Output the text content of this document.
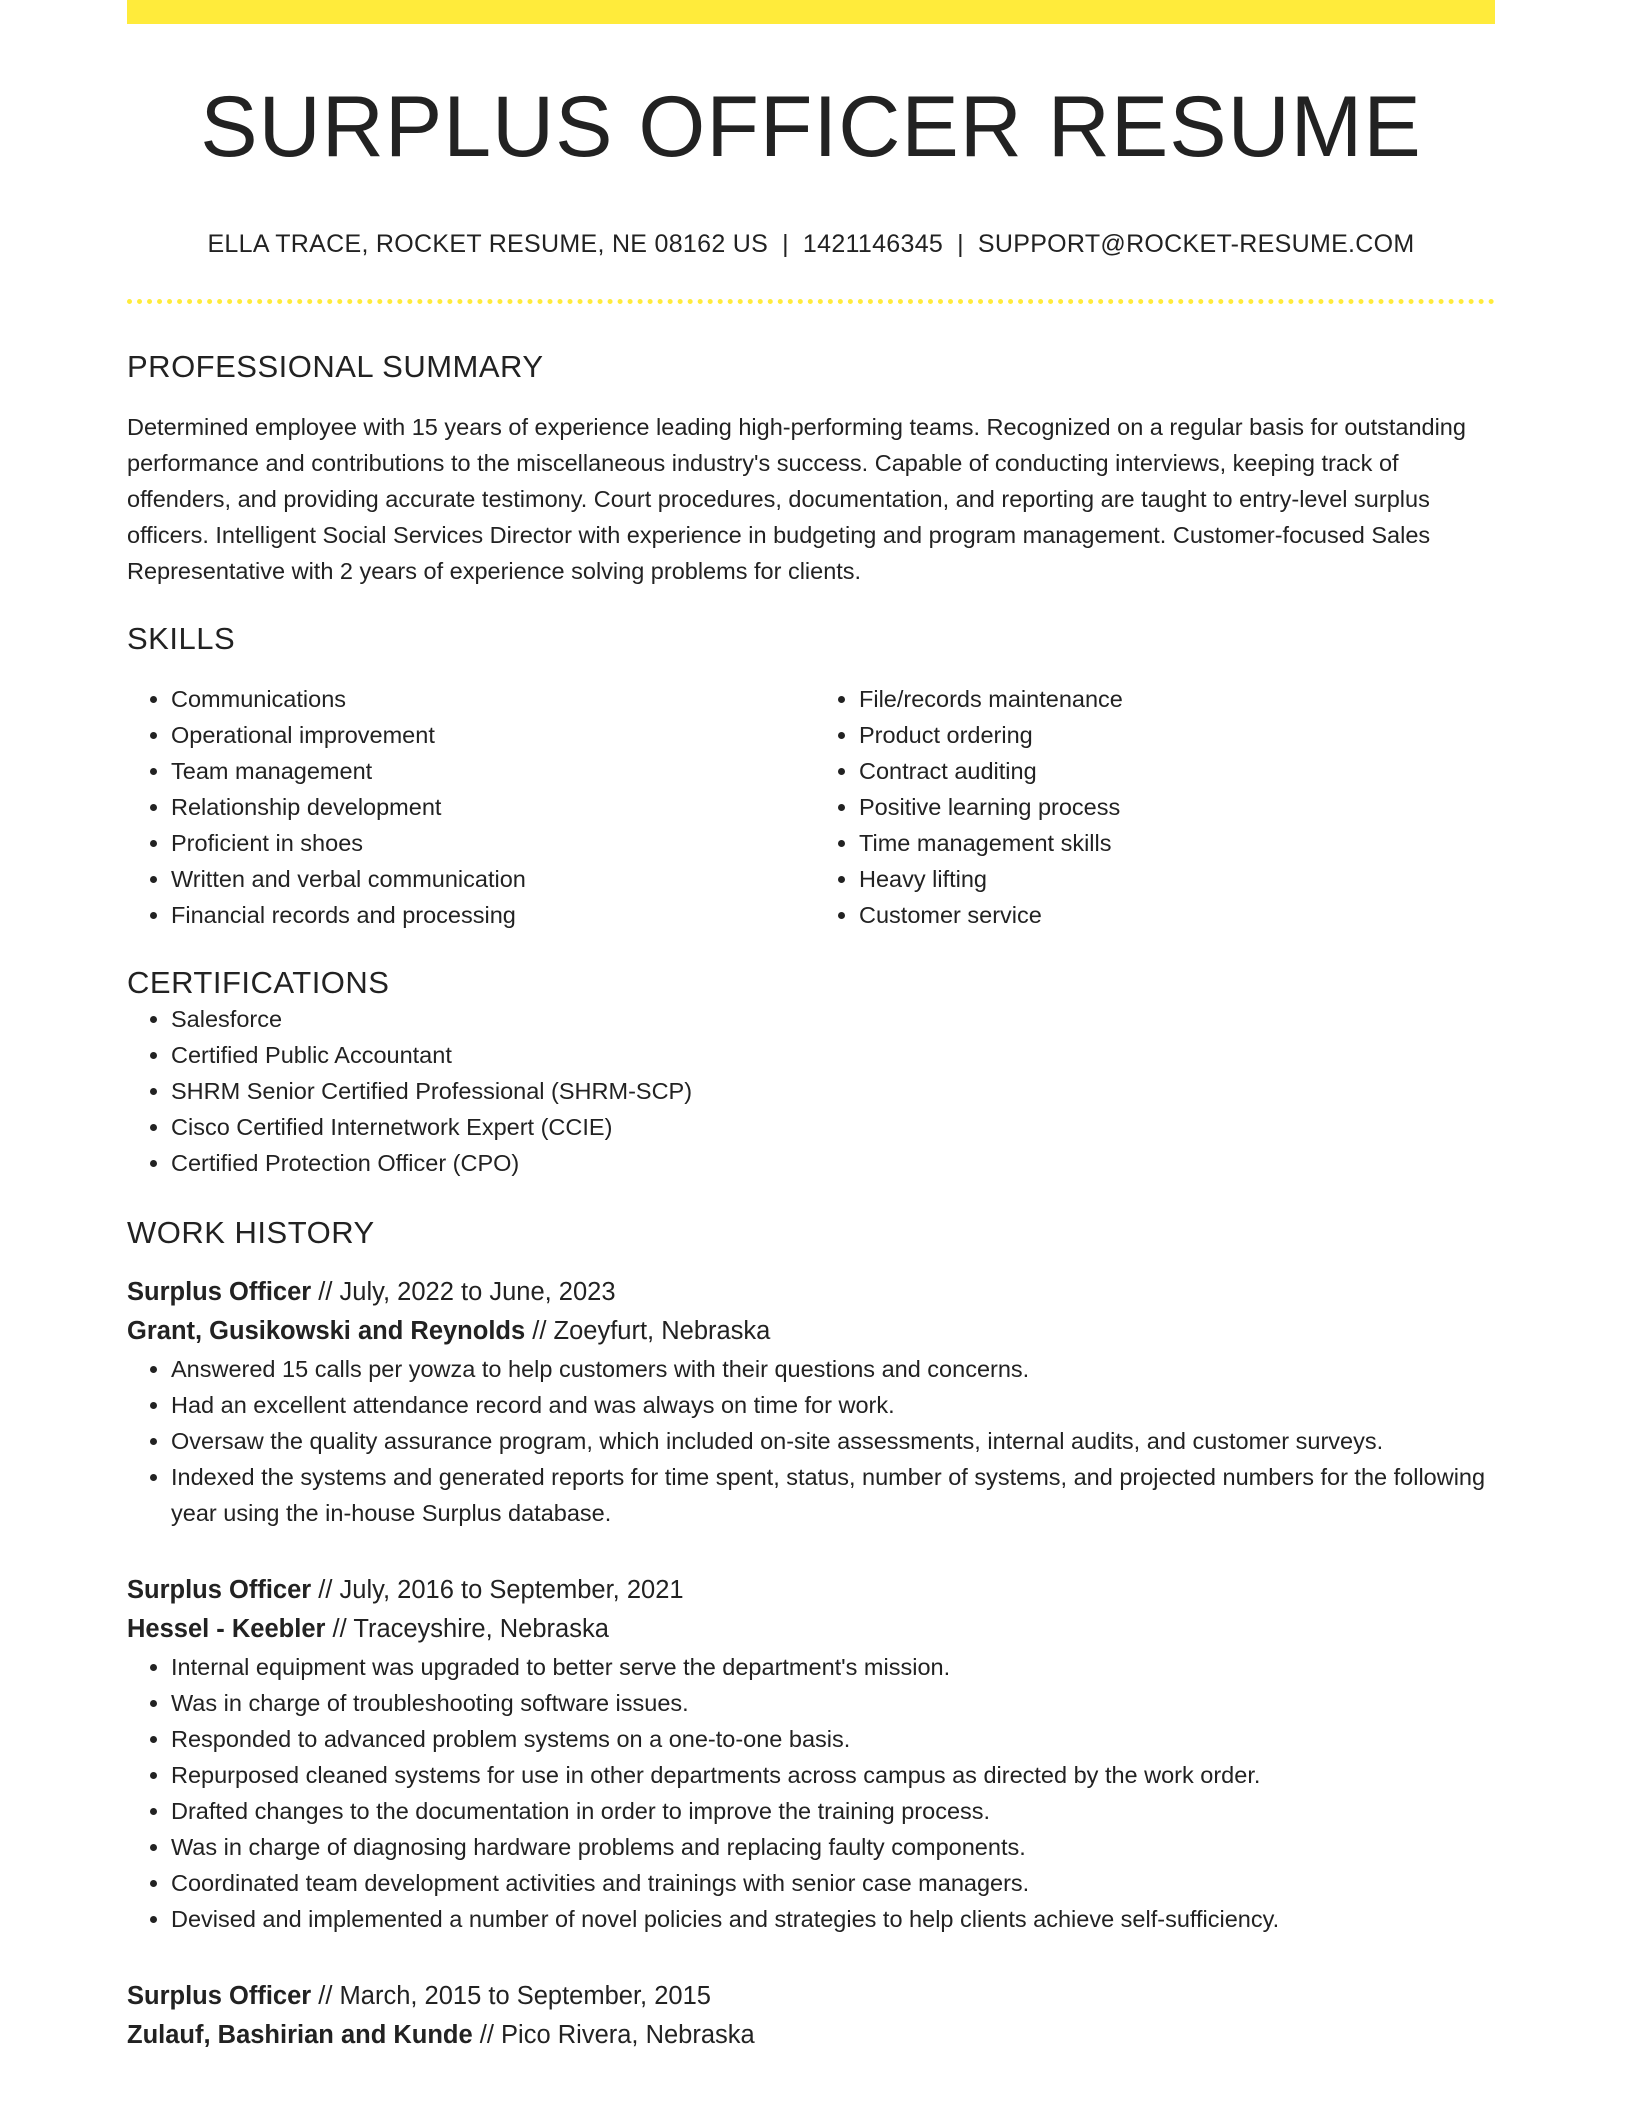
SURPLUS OFFICER RESUME
ELLA TRACE, ROCKET RESUME, NE 08162 US | 1421146345 | SUPPORT@ROCKET-RESUME.COM
PROFESSIONAL SUMMARY

Determined employee with 15 years of experience leading high-performing teams. Recognized on a regular basis for outstanding performance and contributions to the miscellaneous industry's success. Capable of conducting interviews, keeping track of offenders, and providing accurate testimony. Court procedures, documentation, and reporting are taught to entry-level surplus officers. Intelligent Social Services Director with experience in budgeting and program management. Customer-focused Sales Representative with 2 years of experience solving problems for clients.

SKILLS
• Communications
• Operational improvement
• Team management
• Relationship development
• Proficient in shoes
• Written and verbal communication
• Financial records and processing
• File/records maintenance
• Product ordering
• Contract auditing
• Positive learning process
• Time management skills
• Heavy lifting
• Customer service
CERTIFICATIONS
• Salesforce
• Certified Public Accountant
• SHRM Senior Certified Professional (SHRM-SCP)
• Cisco Certified Internetwork Expert (CCIE)
• Certified Protection Officer (CPO)
WORK HISTORY
Surplus Officer // July, 2022 to June, 2023
Grant, Gusikowski and Reynolds // Zoeyfurt, Nebraska
• Answered 15 calls per yowza to help customers with their questions and concerns.
• Had an excellent attendance record and was always on time for work.
• Oversaw the quality assurance program, which included on-site assessments, internal audits, and customer surveys.
• Indexed the systems and generated reports for time spent, status, number of systems, and projected numbers for the following year using the in-house Surplus database.
Surplus Officer // July, 2016 to September, 2021
Hessel - Keebler // Traceyshire, Nebraska
• Internal equipment was upgraded to better serve the department's mission.
• Was in charge of troubleshooting software issues.
• Responded to advanced problem systems on a one-to-one basis.
• Repurposed cleaned systems for use in other departments across campus as directed by the work order.
• Drafted changes to the documentation in order to improve the training process.
• Was in charge of diagnosing hardware problems and replacing faulty components.
• Coordinated team development activities and trainings with senior case managers.
• Devised and implemented a number of novel policies and strategies to help clients achieve self-sufficiency.
Surplus Officer // March, 2015 to September, 2015
Zulauf, Bashirian and Kunde // Pico Rivera, Nebraska
